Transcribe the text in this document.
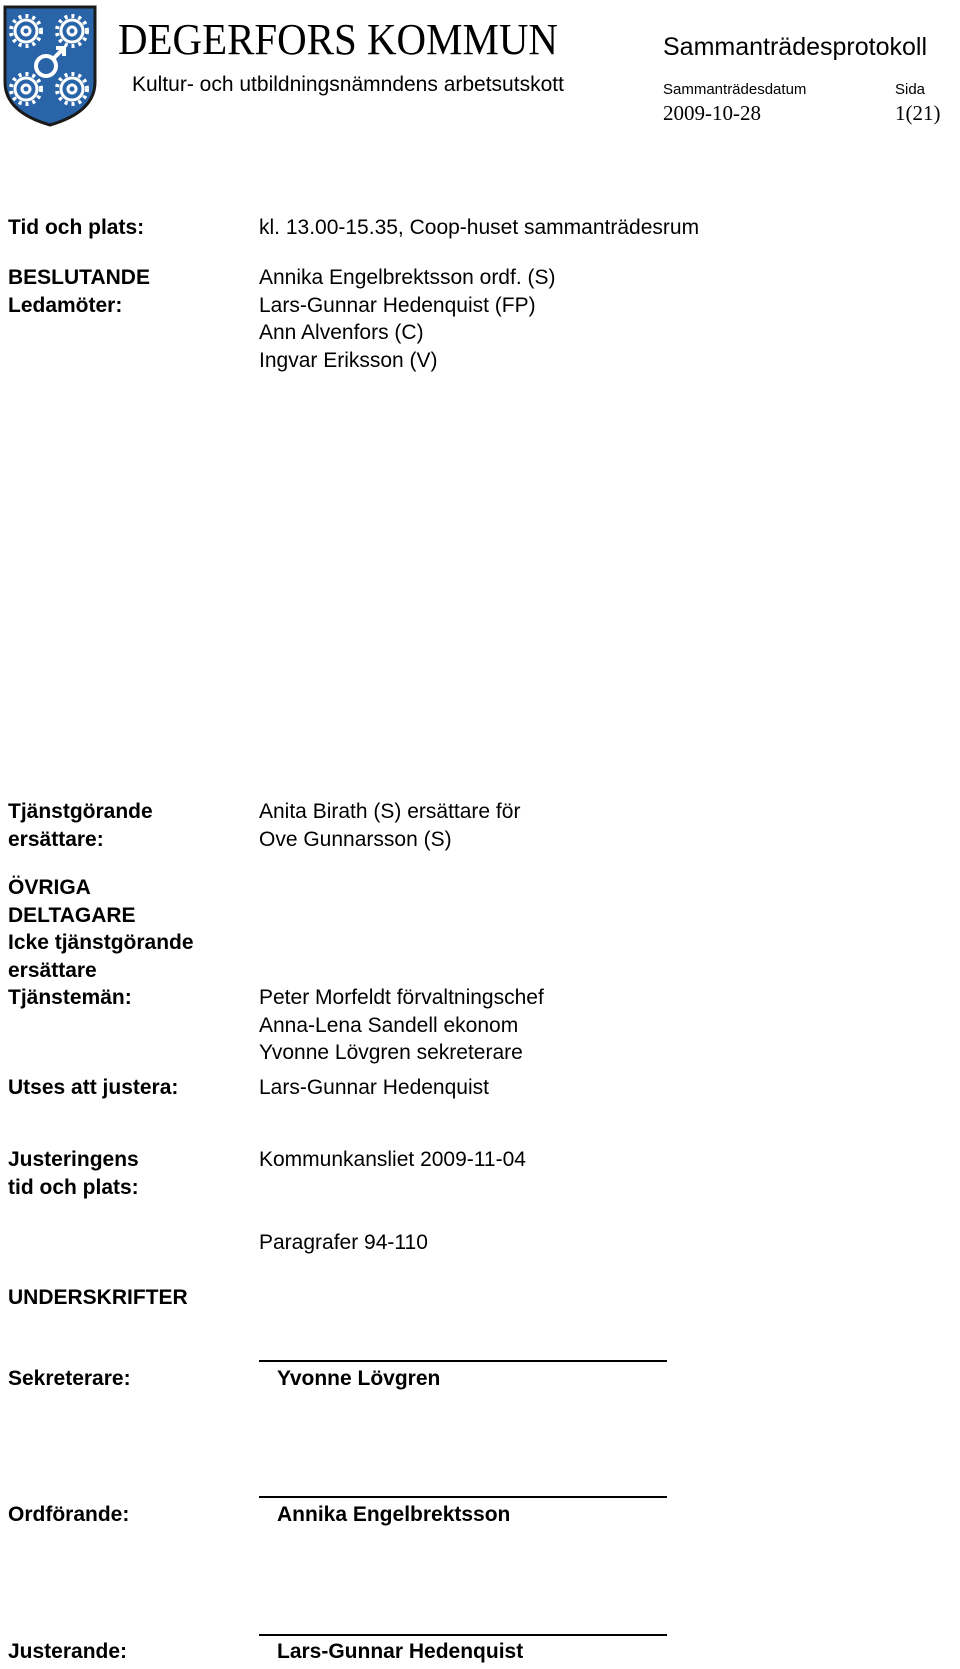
DEGERFORS KOMMUN
Kultur- och utbildningsnämndens arbetsutskott
Sammanträdesprotokoll
Sammanträdesdatum	Sida
2009-10-28	1(21)
Tid och plats:	kl. 13.00-15.35, Coop-huset sammanträdesrum
BESLUTANDE
Ledamöter:
Annika Engelbrektsson ordf. (S)
Lars-Gunnar Hedenquist (FP)
Ann Alvenfors (C)
Ingvar Eriksson (V)
Tjänstgörande
ersättare:
Anita Birath (S) ersättare för
Ove Gunnarsson (S)
ÖVRIGA
DELTAGARE
Icke tjänstgörande
ersättare
Tjänstemän:	Peter Morfeldt förvaltningschef
Anna-Lena Sandell ekonom
Yvonne Lövgren sekreterare
Utses att justera:	Lars-Gunnar Hedenquist
Justeringens
tid och plats:
Kommunkansliet 2009-11-04
Paragrafer 94-110
UNDERSKRIFTER
Sekreterare:	Yvonne Lövgren
Ordförande:	Annika Engelbrektsson
Justerande:	Lars-Gunnar Hedenquist
